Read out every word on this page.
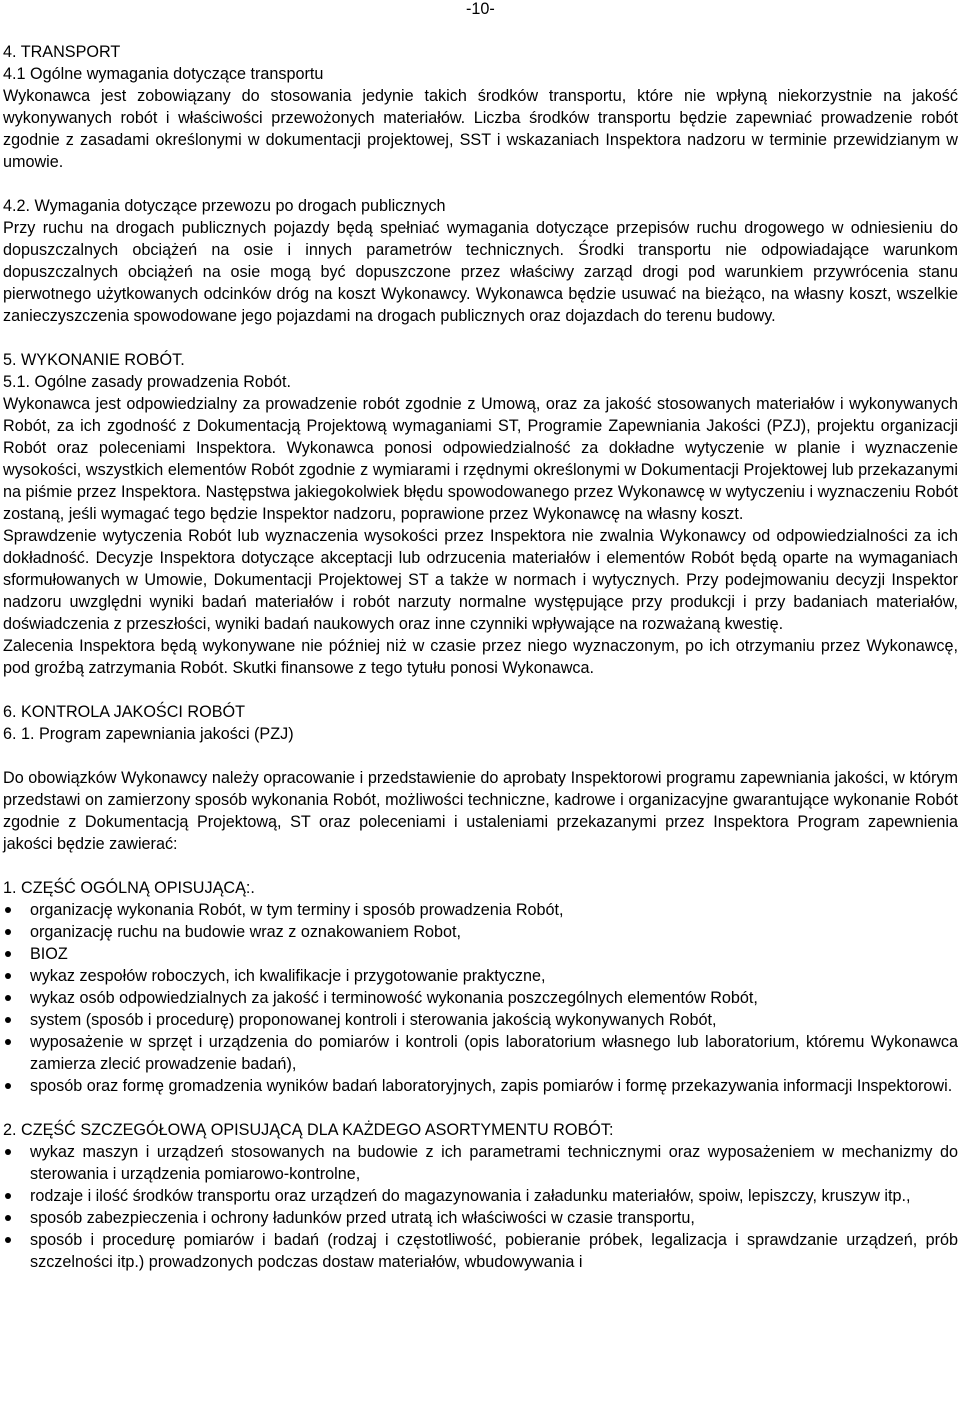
-10-

4. TRANSPORT

4.1 Ogólne wymagania dotyczące transportu

Wykonawca jest zobowiązany do stosowania jedynie takich środków transportu, które nie wpłyną niekorzystnie na jakość wykonywanych robót i właściwości przewożonych materiałów. Liczba środków transportu będzie zapewniać prowadzenie robót zgodnie z zasadami określonymi w dokumentacji projektowej, SST i wskazaniach Inspektora nadzoru w terminie przewidzianym w umowie.

4.2. Wymagania dotyczące przewozu po drogach publicznych

Przy ruchu na drogach publicznych pojazdy będą spełniać wymagania dotyczące przepisów ruchu drogowego w odniesieniu do dopuszczalnych obciążeń na osie i innych parametrów technicznych. Środki transportu nie odpowiadające warunkom dopuszczalnych obciążeń na osie mogą być dopuszczone przez właściwy zarząd drogi pod warunkiem przywrócenia stanu pierwotnego użytkowanych odcinków dróg na koszt Wykonawcy. Wykonawca będzie usuwać na bieżąco, na własny koszt, wszelkie zanieczyszczenia spowodowane jego pojazdami na drogach publicznych oraz dojazdach do terenu budowy.

5. WYKONANIE ROBÓT.

5.1. Ogólne zasady prowadzenia Robót.

Wykonawca jest odpowiedzialny za prowadzenie robót zgodnie z Umową, oraz za jakość stosowanych materiałów i wykonywanych Robót, za ich zgodność z Dokumentacją Projektową wymaganiami ST, Programie Zapewniania Jakości (PZJ), projektu organizacji Robót oraz poleceniami Inspektora. Wykonawca ponosi odpowiedzialność za dokładne wytyczenie w planie i wyznaczenie wysokości, wszystkich elementów Robót zgodnie z wymiarami i rzędnymi określonymi w Dokumentacji Projektowej lub przekazanymi na piśmie przez Inspektora. Następstwa jakiegokolwiek błędu spowodowanego przez Wykonawcę w wytyczeniu i wyznaczeniu Robót zostaną, jeśli wymagać tego będzie Inspektor nadzoru, poprawione przez Wykonawcę na własny koszt.

Sprawdzenie wytyczenia Robót lub wyznaczenia wysokości przez Inspektora nie zwalnia Wykonawcy od odpowiedzialności za ich dokładność. Decyzje Inspektora dotyczące akceptacji lub odrzucenia materiałów i elementów Robót będą oparte na wymaganiach sformułowanych w Umowie, Dokumentacji Projektowej ST a także w normach i wytycznych. Przy podejmowaniu decyzji Inspektor nadzoru uwzględni wyniki badań materiałów i robót narzuty normalne występujące przy produkcji i przy badaniach materiałów, doświadczenia z przeszłości, wyniki badań naukowych oraz inne czynniki wpływające na rozważaną kwestię.

Zalecenia Inspektora będą wykonywane nie później niż w czasie przez niego wyznaczonym, po ich otrzymaniu przez Wykonawcę, pod groźbą zatrzymania Robót. Skutki finansowe z tego tytułu ponosi Wykonawca.

6. KONTROLA JAKOŚCI ROBÓT

6. 1. Program zapewniania jakości (PZJ)

Do obowiązków Wykonawcy należy opracowanie i przedstawienie do aprobaty Inspektorowi programu zapewniania jakości, w którym przedstawi on zamierzony sposób wykonania Robót, możliwości techniczne, kadrowe i organizacyjne gwarantujące wykonanie Robót zgodnie z Dokumentacją Projektową, ST oraz poleceniami i ustaleniami przekazanymi przez Inspektora Program zapewnienia jakości będzie zawierać:

1. CZĘŚĆ OGÓLNĄ OPISUJĄCĄ:.

organizację wykonania Robót, w tym terminy i sposób prowadzenia Robót,
organizację ruchu na budowie wraz z oznakowaniem Robot,
BIOZ
wykaz zespołów roboczych, ich kwalifikacje i przygotowanie praktyczne,
wykaz osób odpowiedzialnych za jakość i terminowość wykonania poszczególnych elementów Robót,
system (sposób i procedurę) proponowanej kontroli i sterowania jakością wykonywanych Robót,
wyposażenie w sprzęt i urządzenia do pomiarów i kontroli (opis laboratorium własnego lub laboratorium, któremu Wykonawca zamierza zlecić prowadzenie badań),
sposób oraz formę gromadzenia wyników badań laboratoryjnych, zapis pomiarów i formę przekazywania informacji Inspektorowi.

2. CZĘŚĆ SZCZEGÓŁOWĄ OPISUJĄCĄ DLA KAŻDEGO ASORTYMENTU ROBÓT:

wykaz maszyn i urządzeń stosowanych na budowie z ich parametrami technicznymi oraz wyposażeniem w mechanizmy do sterowania i urządzenia pomiarowo-kontrolne,
rodzaje i ilość środków transportu oraz urządzeń do magazynowania i załadunku materiałów, spoiw, lepiszczy, kruszyw itp.,
sposób zabezpieczenia i ochrony ładunków przed utratą ich właściwości w czasie transportu,
sposób i procedurę pomiarów i badań (rodzaj i częstotliwość, pobieranie próbek, legalizacja i sprawdzanie urządzeń, prób szczelności itp.) prowadzonych podczas dostaw materiałów, wbudowywania i
